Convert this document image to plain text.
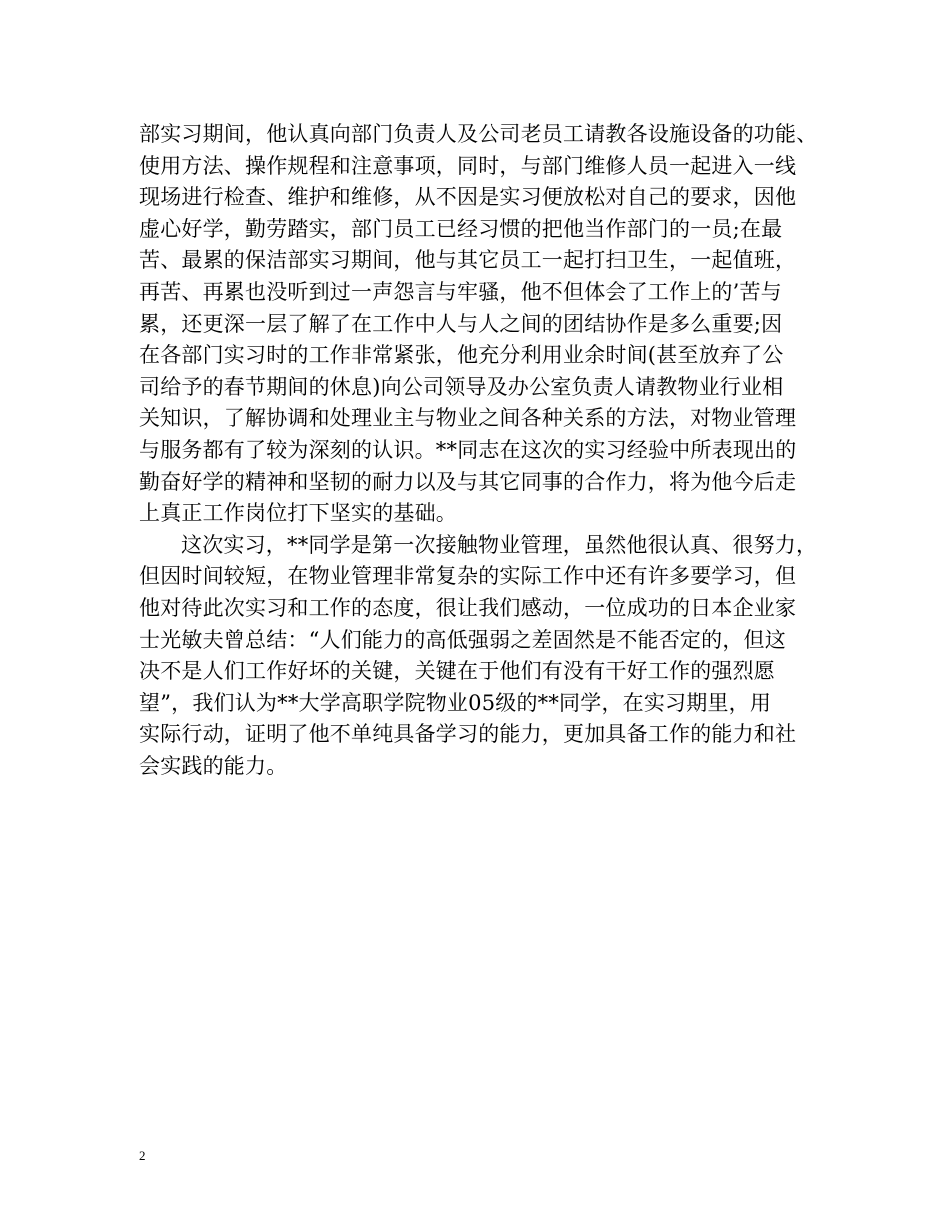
部实习期间，他认真向部门负责人及公司老员工请教各设施设备的功能、
使用方法、操作规程和注意事项，同时，与部门维修人员一起进入一线
现场进行检查、维护和维修，从不因是实习便放松对自己的要求，因他
虚心好学，勤劳踏实，部门员工已经习惯的把他当作部门的一员;在最
苦、最累的保洁部实习期间，他与其它员工一起打扫卫生，一起值班，
再苦、再累也没听到过一声怨言与牢骚，他不但体会了工作上的’苦与
累，还更深一层了解了在工作中人与人之间的团结协作是多么重要;因
在各部门实习时的工作非常紧张，他充分利用业余时间(甚至放弃了公
司给予的春节期间的休息)向公司领导及办公室负责人请教物业行业相
关知识，了解协调和处理业主与物业之间各种关系的方法，对物业管理
与服务都有了较为深刻的认识。**同志在这次的实习经验中所表现出的
勤奋好学的精神和坚韧的耐力以及与其它同事的合作力，将为他今后走
上真正工作岗位打下坚实的基础。
这次实习，**同学是第一次接触物业管理，虽然他很认真、很努力，
但因时间较短，在物业管理非常复杂的实际工作中还有许多要学习，但
他对待此次实习和工作的态度，很让我们感动，一位成功的日本企业家
士光敏夫曾总结：“人们能力的高低强弱之差固然是不能否定的，但这
决不是人们工作好坏的关键，关键在于他们有没有干好工作的强烈愿
望”，我们认为**大学高职学院物业05级的**同学，在实习期里，用
实际行动，证明了他不单纯具备学习的能力，更加具备工作的能力和社
会实践的能力。
2
